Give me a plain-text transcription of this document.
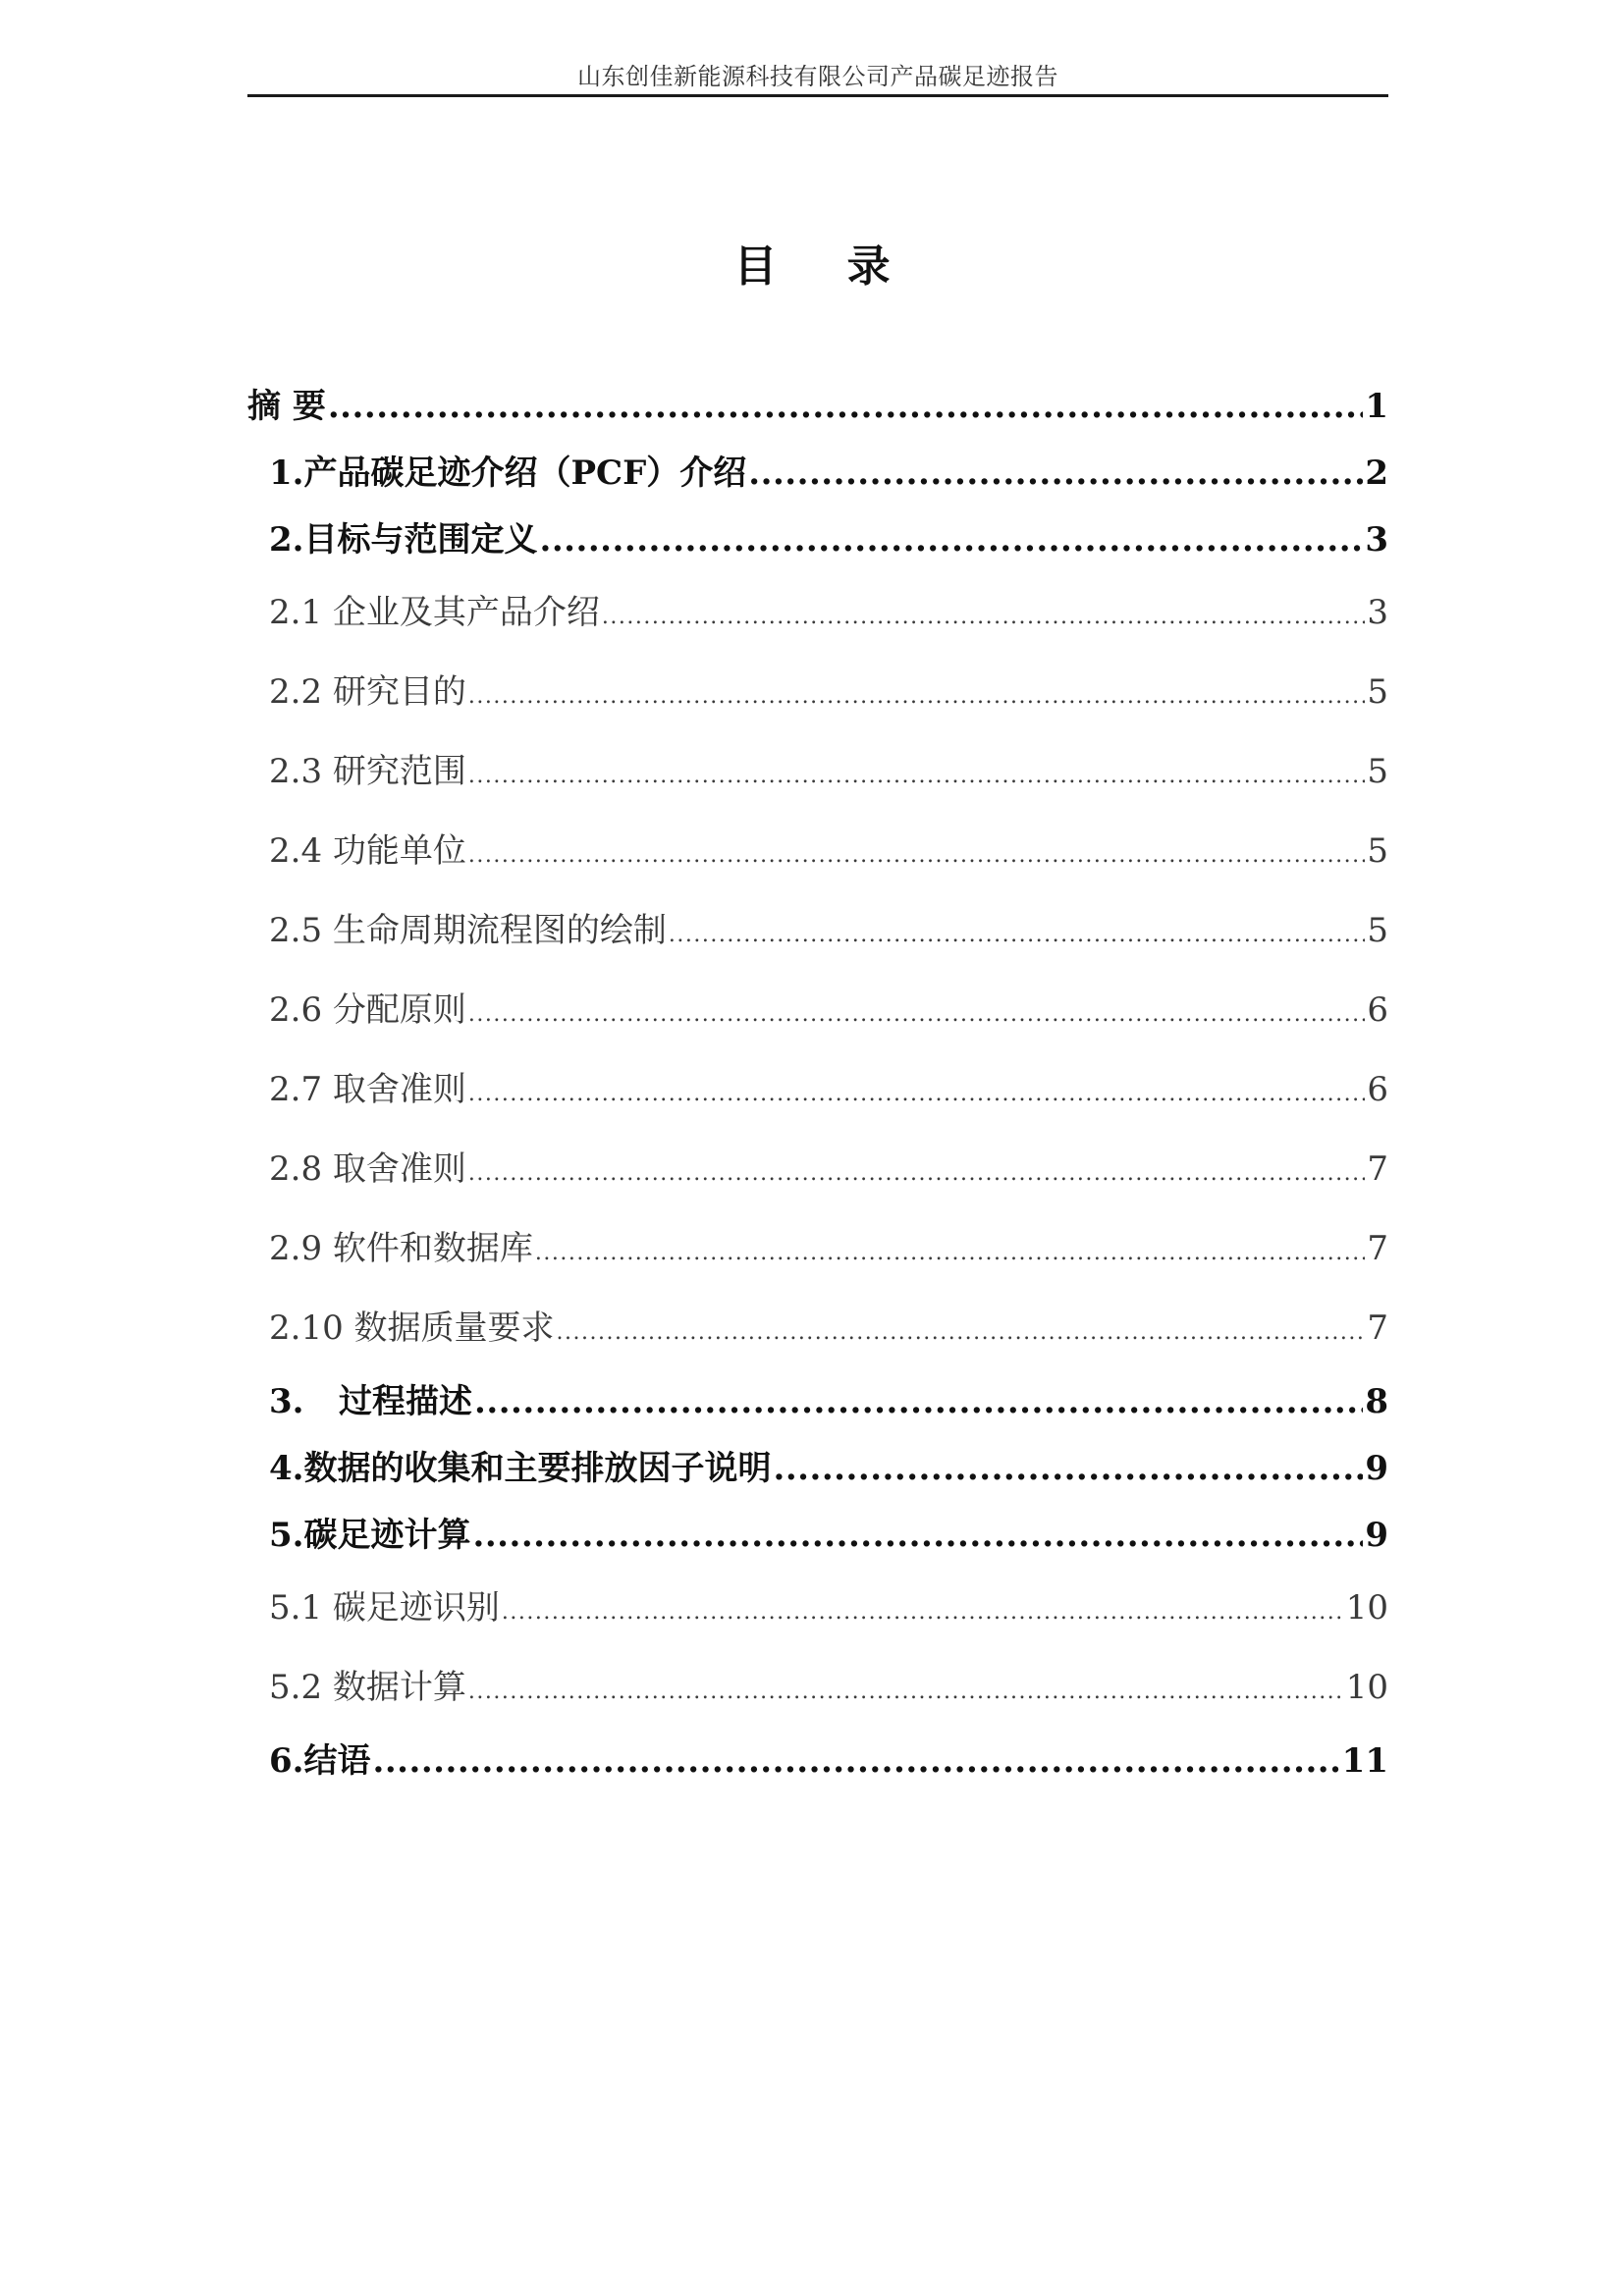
山东创佳新能源科技有限公司产品碳足迹报告
目 录
摘 要 .....	1
1.产品碳足迹介绍（PCF）介绍 .....	2
2.目标与范围定义 .....	3
2.1 企业及其产品介绍 .....	3
2.2 研究目的 .....	5
2.3 研究范围 .....	5
2.4 功能单位 .....	5
2.5 生命周期流程图的绘制 .....	5
2.6 分配原则 .....	6
2.7 取舍准则 .....	6
2.8 取舍准则 .....	7
2.9 软件和数据库 .....	7
2.10 数据质量要求 .....	7
3.   过程描述 .....	8
4.数据的收集和主要排放因子说明 .....	9
5.碳足迹计算 .....	9
5.1 碳足迹识别 .....	10
5.2 数据计算 .....	10
6.结语 .....	11
